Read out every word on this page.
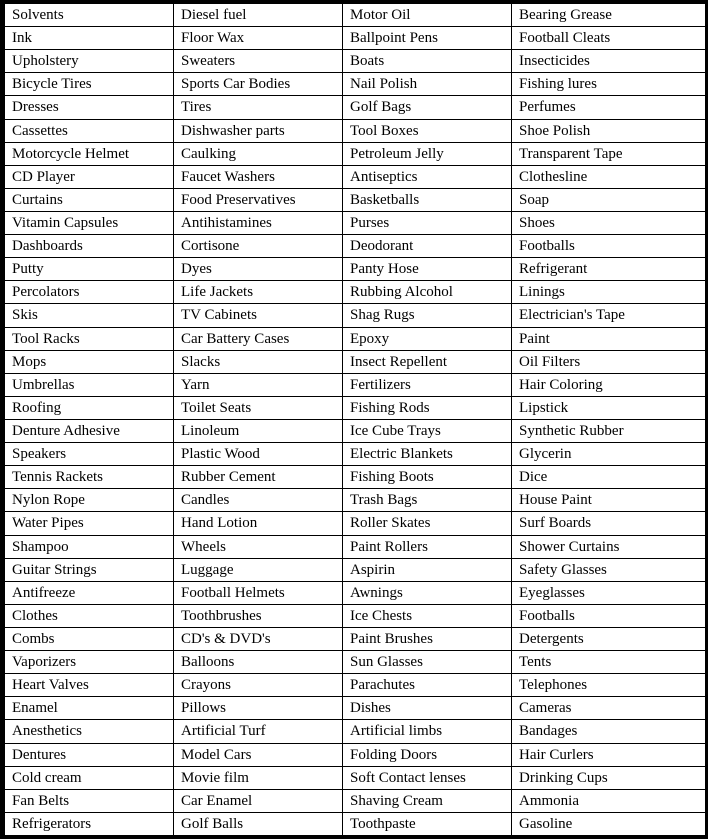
Solvents	Diesel fuel	Motor Oil	Bearing Grease
Ink	Floor Wax	Ballpoint Pens	Football Cleats
Upholstery	Sweaters	Boats	Insecticides
Bicycle Tires	Sports Car Bodies	Nail Polish	Fishing lures
Dresses	Tires	Golf Bags	Perfumes
Cassettes	Dishwasher parts	Tool Boxes	Shoe Polish
Motorcycle Helmet	Caulking	Petroleum Jelly	Transparent Tape
CD Player	Faucet Washers	Antiseptics	Clothesline
Curtains	Food Preservatives	Basketballs	Soap
Vitamin Capsules	Antihistamines	Purses	Shoes
Dashboards	Cortisone	Deodorant	Footballs
Putty	Dyes	Panty Hose	Refrigerant
Percolators	Life Jackets	Rubbing Alcohol	Linings
Skis	TV Cabinets	Shag Rugs	Electrician's Tape
Tool Racks	Car Battery Cases	Epoxy	Paint
Mops	Slacks	Insect Repellent	Oil Filters
Umbrellas	Yarn	Fertilizers	Hair Coloring
Roofing	Toilet Seats	Fishing Rods	Lipstick
Denture Adhesive	Linoleum	Ice Cube Trays	Synthetic Rubber
Speakers	Plastic Wood	Electric Blankets	Glycerin
Tennis Rackets	Rubber Cement	Fishing Boots	Dice
Nylon Rope	Candles	Trash Bags	House Paint
Water Pipes	Hand Lotion	Roller Skates	Surf Boards
Shampoo	Wheels	Paint Rollers	Shower Curtains
Guitar Strings	Luggage	Aspirin	Safety Glasses
Antifreeze	Football Helmets	Awnings	Eyeglasses
Clothes	Toothbrushes	Ice Chests	Footballs
Combs	CD's & DVD's	Paint Brushes	Detergents
Vaporizers	Balloons	Sun Glasses	Tents
Heart Valves	Crayons	Parachutes	Telephones
Enamel	Pillows	Dishes	Cameras
Anesthetics	Artificial Turf	Artificial limbs	Bandages
Dentures	Model Cars	Folding Doors	Hair Curlers
Cold cream	Movie film	Soft Contact lenses	Drinking Cups
Fan Belts	Car Enamel	Shaving Cream	Ammonia
Refrigerators	Golf Balls	Toothpaste	Gasoline
